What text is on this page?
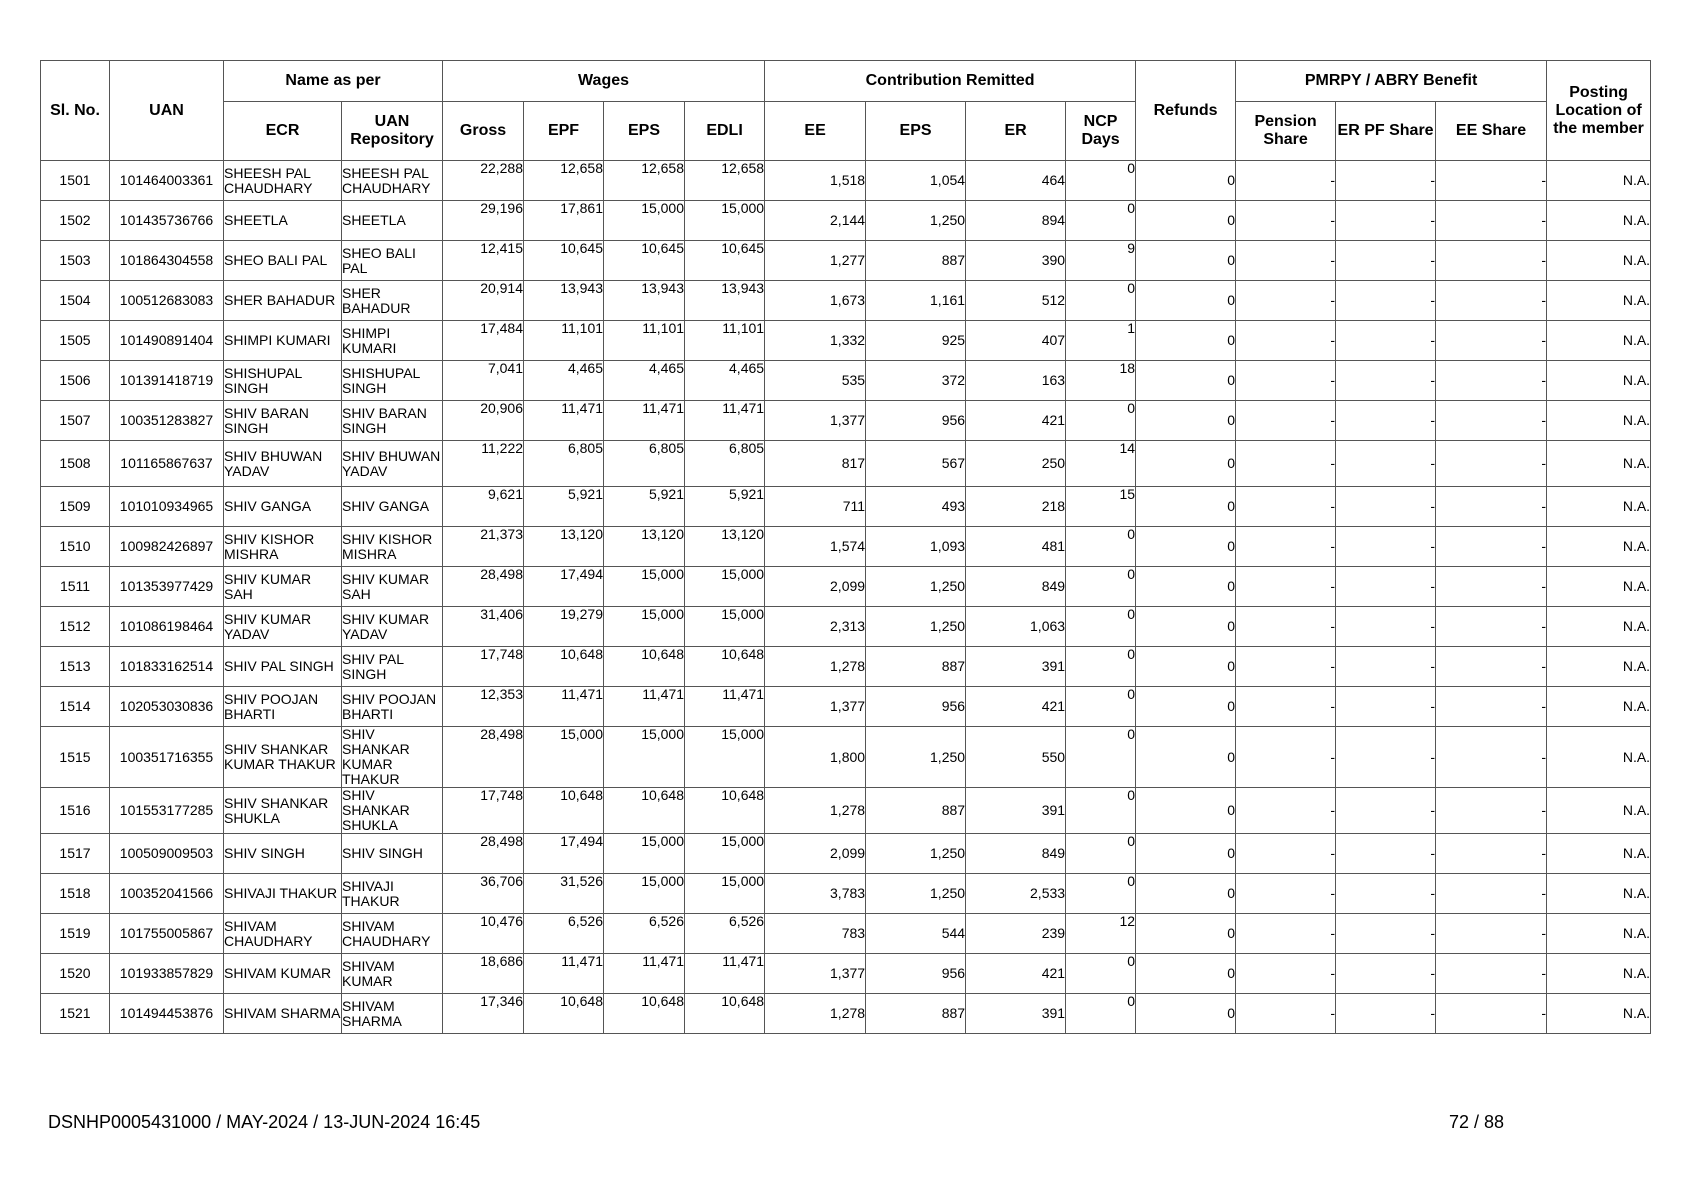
Sl. No.	UAN	Name as per		Wages				Contribution Remitted				Refunds	PMRPY / ABRY Benefit			Posting Location of the member
		ECR	UAN Repository	Gross	EPF	EPS	EDLI	EE	EPS	ER	NCP Days		Pension Share	ER PF Share	EE Share	
1501	101464003361	SHEESH PAL CHAUDHARY	SHEESH PAL CHAUDHARY	22,288	12,658	12,658	12,658	1,518	1,054	464	0	0	-	-	-	N.A.
1502	101435736766	SHEETLA	SHEETLA	29,196	17,861	15,000	15,000	2,144	1,250	894	0	0	-	-	-	N.A.
1503	101864304558	SHEO BALI PAL	SHEO BALI PAL	12,415	10,645	10,645	10,645	1,277	887	390	9	0	-	-	-	N.A.
1504	100512683083	SHER BAHADUR	SHER BAHADUR	20,914	13,943	13,943	13,943	1,673	1,161	512	0	0	-	-	-	N.A.
1505	101490891404	SHIMPI KUMARI	SHIMPI KUMARI	17,484	11,101	11,101	11,101	1,332	925	407	1	0	-	-	-	N.A.
1506	101391418719	SHISHUPAL SINGH	SHISHUPAL SINGH	7,041	4,465	4,465	4,465	535	372	163	18	0	-	-	-	N.A.
1507	100351283827	SHIV BARAN SINGH	SHIV BARAN SINGH	20,906	11,471	11,471	11,471	1,377	956	421	0	0	-	-	-	N.A.
1508	101165867637	SHIV BHUWAN YADAV	SHIV BHUWAN YADAV	11,222	6,805	6,805	6,805	817	567	250	14	0	-	-	-	N.A.
1509	101010934965	SHIV GANGA	SHIV GANGA	9,621	5,921	5,921	5,921	711	493	218	15	0	-	-	-	N.A.
1510	100982426897	SHIV KISHOR MISHRA	SHIV KISHOR MISHRA	21,373	13,120	13,120	13,120	1,574	1,093	481	0	0	-	-	-	N.A.
1511	101353977429	SHIV KUMAR SAH	SHIV KUMAR SAH	28,498	17,494	15,000	15,000	2,099	1,250	849	0	0	-	-	-	N.A.
1512	101086198464	SHIV KUMAR YADAV	SHIV KUMAR YADAV	31,406	19,279	15,000	15,000	2,313	1,250	1,063	0	0	-	-	-	N.A.
1513	101833162514	SHIV PAL SINGH	SHIV PAL SINGH	17,748	10,648	10,648	10,648	1,278	887	391	0	0	-	-	-	N.A.
1514	102053030836	SHIV POOJAN BHARTI	SHIV POOJAN BHARTI	12,353	11,471	11,471	11,471	1,377	956	421	0	0	-	-	-	N.A.
1515	100351716355	SHIV SHANKAR KUMAR THAKUR	SHIV SHANKAR KUMAR THAKUR	28,498	15,000	15,000	15,000	1,800	1,250	550	0	0	-	-	-	N.A.
1516	101553177285	SHIV SHANKAR SHUKLA	SHIV SHANKAR SHUKLA	17,748	10,648	10,648	10,648	1,278	887	391	0	0	-	-	-	N.A.
1517	100509009503	SHIV SINGH	SHIV SINGH	28,498	17,494	15,000	15,000	2,099	1,250	849	0	0	-	-	-	N.A.
1518	100352041566	SHIVAJI THAKUR	SHIVAJI THAKUR	36,706	31,526	15,000	15,000	3,783	1,250	2,533	0	0	-	-	-	N.A.
1519	101755005867	SHIVAM CHAUDHARY	SHIVAM CHAUDHARY	10,476	6,526	6,526	6,526	783	544	239	12	0	-	-	-	N.A.
1520	101933857829	SHIVAM KUMAR	SHIVAM KUMAR	18,686	11,471	11,471	11,471	1,377	956	421	0	0	-	-	-	N.A.
1521	101494453876	SHIVAM SHARMA	SHIVAM SHARMA	17,346	10,648	10,648	10,648	1,278	887	391	0	0	-	-	-	N.A.
DSNHP0005431000 / MAY-2024 / 13-JUN-2024 16:45	72 / 88
